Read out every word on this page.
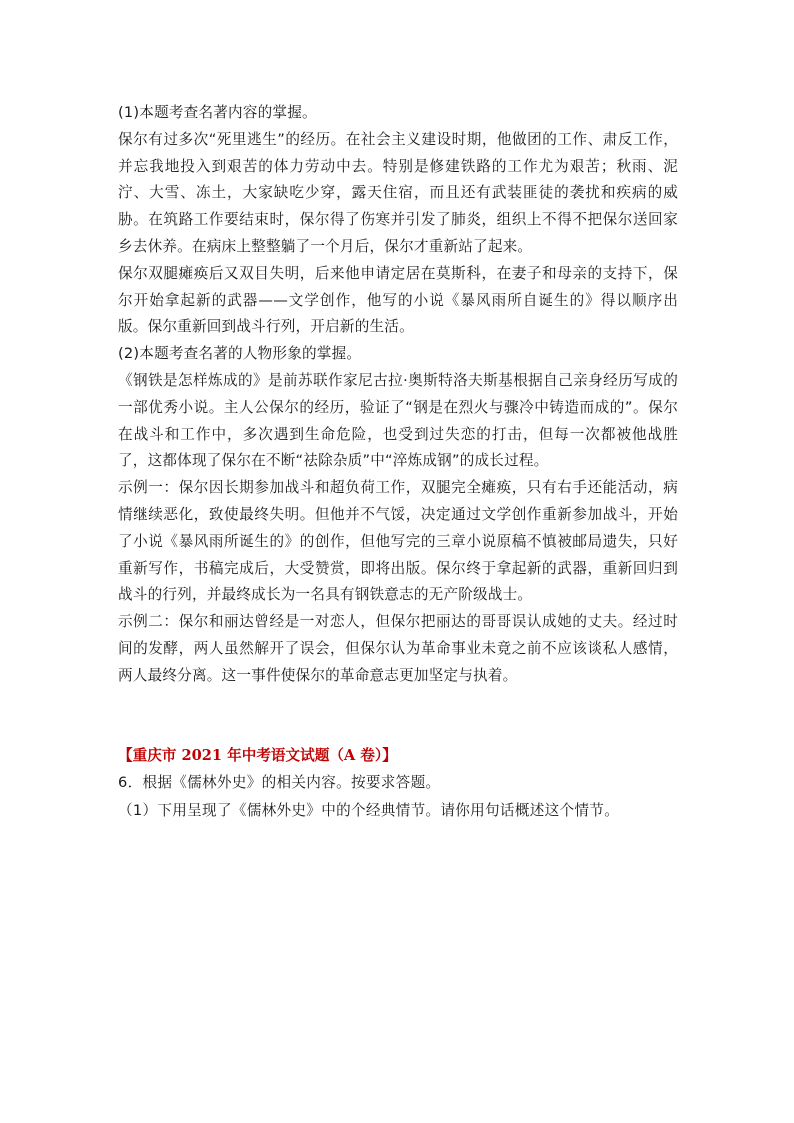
(1)本题考查名著内容的掌握。

保尔有过多次“死里逃生”的经历。在社会主义建设时期，他做团的工作、肃反工作，并忘我地投入到艰苦的体力劳动中去。特别是修建铁路的工作尤为艰苦；秋雨、泥泞、大雪、冻土，大家缺吃少穿，露天住宿，而且还有武装匪徒的袭扰和疾病的威胁。在筑路工作要结束时，保尔得了伤寒并引发了肺炎，组织上不得不把保尔送回家乡去休养。在病床上整整躺了一个月后，保尔才重新站了起来。

保尔双腿瘫痪后又双目失明，后来他申请定居在莫斯科，在妻子和母亲的支持下，保尔开始拿起新的武器——文学创作，他写的小说《暴风雨所自诞生的》得以顺序出版。保尔重新回到战斗行列，开启新的生活。

(2)本题考查名著的人物形象的掌握。

《钢铁是怎样炼成的》是前苏联作家尼古拉·奥斯特洛夫斯基根据自己亲身经历写成的一部优秀小说。主人公保尔的经历，验证了“钢是在烈火与骤冷中铸造而成的”。保尔在战斗和工作中，多次遇到生命危险，也受到过失恋的打击，但每一次都被他战胜了，这都体现了保尔在不断“祛除杂质”中“淬炼成钢”的成长过程。

示例一：保尔因长期参加战斗和超负荷工作，双腿完全瘫痪，只有右手还能活动，病情继续恶化，致使最终失明。但他并不气馁，决定通过文学创作重新参加战斗，开始了小说《暴风雨所诞生的》的创作，但他写完的三章小说原稿不慎被邮局遗失，只好重新写作，书稿完成后，大受赞赏，即将出版。保尔终于拿起新的武器，重新回归到战斗的行列，并最终成长为一名具有钢铁意志的无产阶级战士。

示例二：保尔和丽达曾经是一对恋人，但保尔把丽达的哥哥误认成她的丈夫。经过时间的发酵，两人虽然解开了误会，但保尔认为革命事业未竟之前不应该谈私人感情，两人最终分离。这一事件使保尔的革命意志更加坚定与执着。

【重庆市 2021 年中考语文试题（A 卷）】

6．根据《儒林外史》的相关内容。按要求答题。

（1）下⽤呈现了《儒林外史》中的个经典情节。请你用句话概述这个情节。
